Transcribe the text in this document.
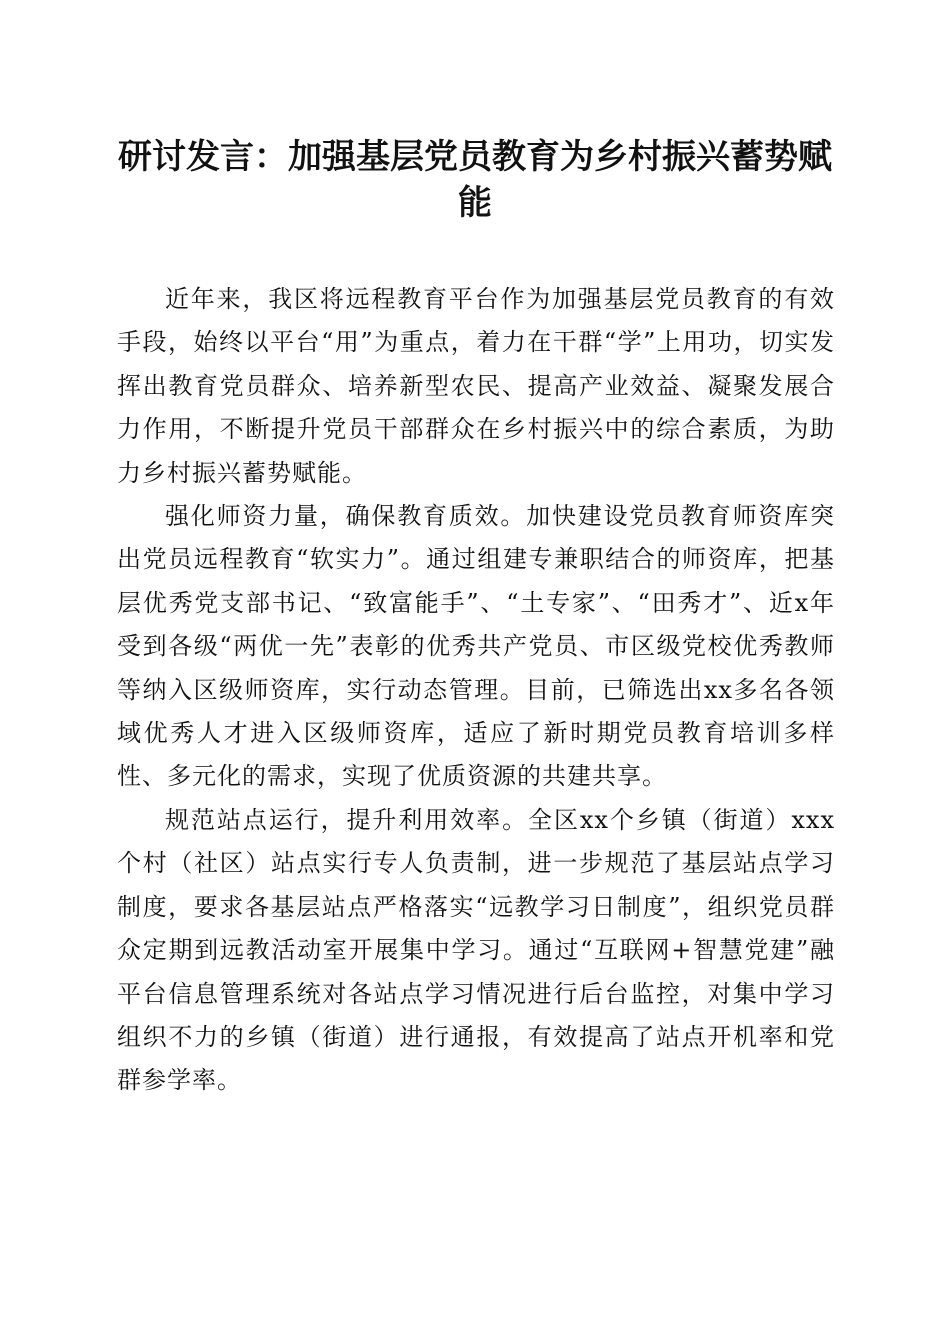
研讨发言：加强基层党员教育为乡村振兴蓄势赋能

近年来，我区将远程教育平台作为加强基层党员教育的有效手段，始终以平台“用”为重点，着力在干群“学”上用功，切实发挥出教育党员群众、培养新型农民、提高产业效益、凝聚发展合力作用，不断提升党员干部群众在乡村振兴中的综合素质，为助力乡村振兴蓄势赋能。

强化师资力量，确保教育质效。加快建设党员教育师资库突出党员远程教育“软实力”。通过组建专兼职结合的师资库，把基层优秀党支部书记、“致富能手”、“土专家”、“田秀才”、近x年受到各级“两优一先”表彰的优秀共产党员、市区级党校优秀教师等纳入区级师资库，实行动态管理。目前，已筛选出xx多名各领域优秀人才进入区级师资库，适应了新时期党员教育培训多样性、多元化的需求，实现了优质资源的共建共享。

规范站点运行，提升利用效率。全区xx个乡镇（街道）xxx个村（社区）站点实行专人负责制，进一步规范了基层站点学习制度，要求各基层站点严格落实“远教学习日制度”，组织党员群众定期到远教活动室开展集中学习。通过“互联网+智慧党建”融平台信息管理系统对各站点学习情况进行后台监控，对集中学习组织不力的乡镇（街道）进行通报，有效提高了站点开机率和党群参学率。
